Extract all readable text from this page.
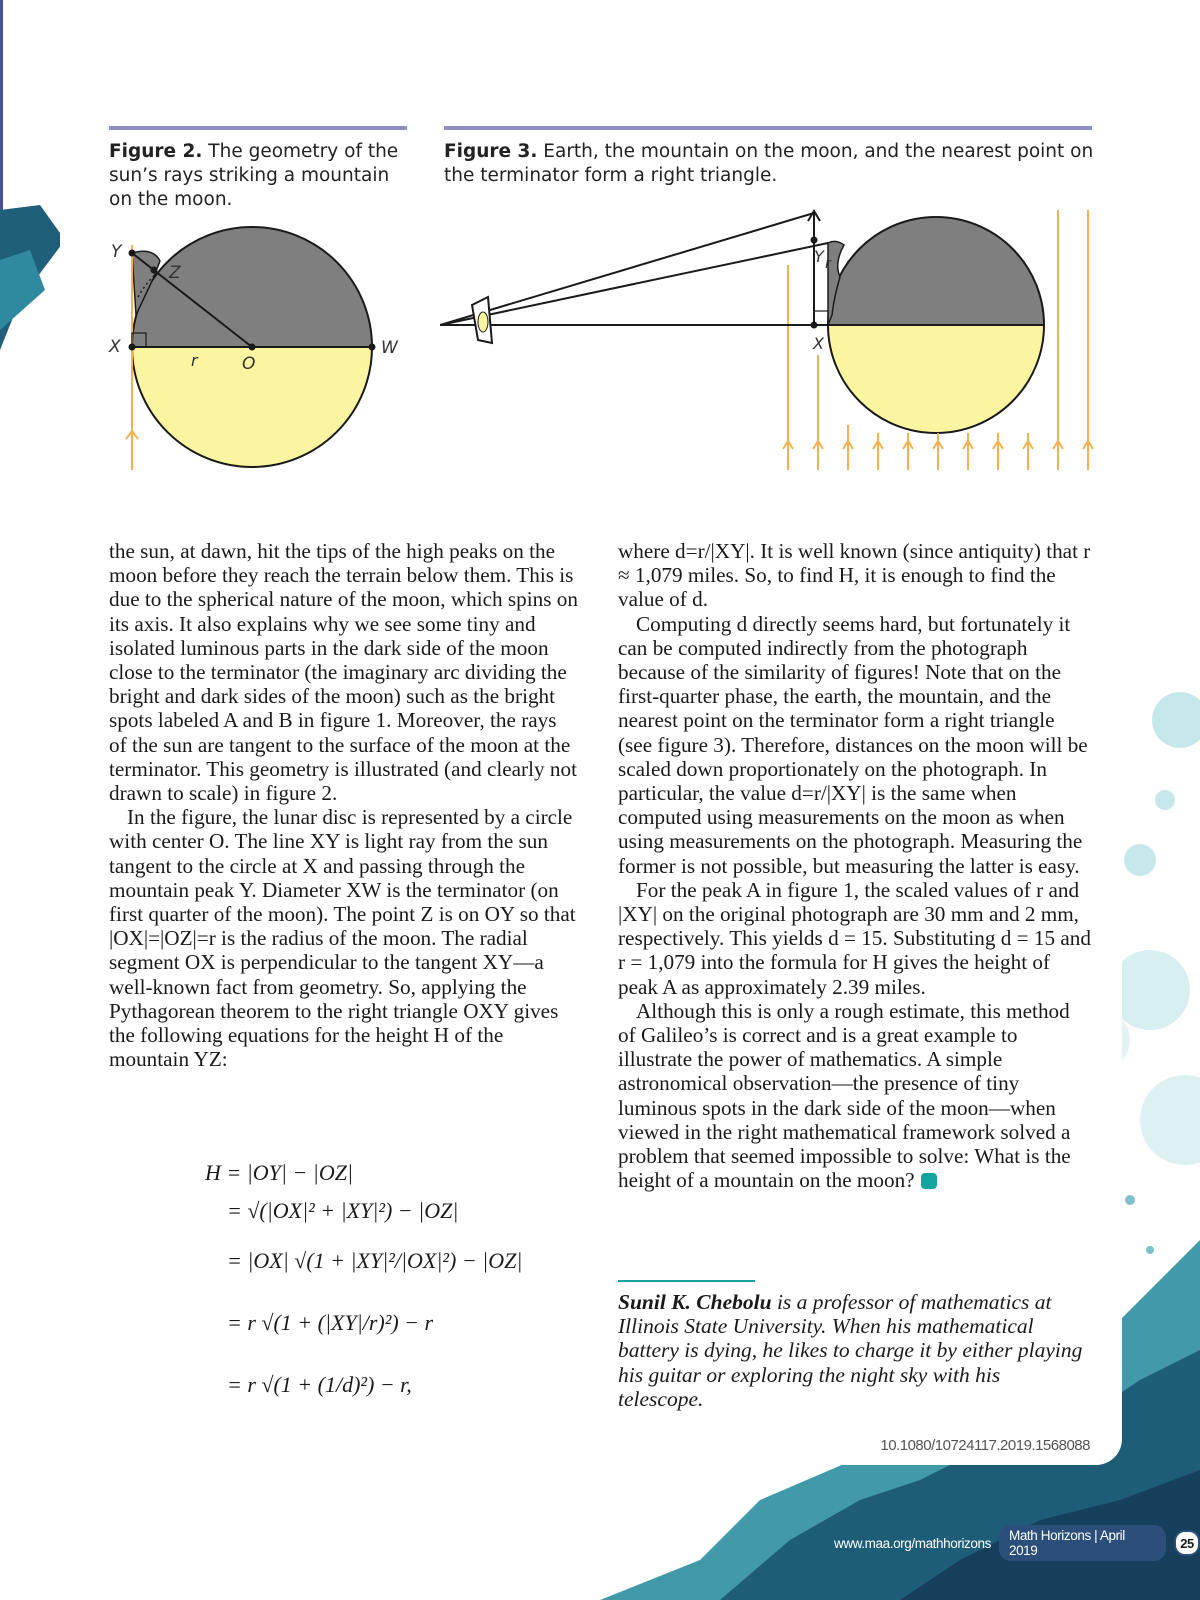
Figure 2. The geometry of the sun’s rays striking a mountain on the moon.
Figure 3. Earth, the mountain on the moon, and the nearest point on the terminator form a right triangle.
Y
Z
X
r	O
W
Y r
X

the sun, at dawn, hit the tips of the high peaks on the moon before they reach the terrain below them. This is due to the spherical nature of the moon, which spins on its axis. It also explains why we see some tiny and isolated luminous parts in the dark side of the moon close to the terminator (the imaginary arc dividing the bright and dark sides of the moon) such as the bright spots labeled A and B in figure 1. Moreover, the rays of the sun are tangent to the surface of the moon at the terminator. This geometry is illustrated (and clearly not drawn to scale) in figure 2.

In the figure, the lunar disc is represented by a circle with center O. The line XY is light ray from the sun tangent to the circle at X and passing through the mountain peak Y. Diameter XW is the terminator (on first quarter of the moon). The point Z is on OY so that |OX|=|OZ|=r is the radius of the moon. The radial segment OX is perpendicular to the tangent XY—a well-known fact from geometry. So, applying the Pythagorean theorem to the right triangle OXY gives the following equations for the height H of the mountain YZ:

H = |OY| − |OZ|
= √(|OX|² + |XY|²) − |OZ|
= |OX| √(1 + |XY|²/|OX|²) − |OZ|
= r √(1 + (|XY|/r)²) − r
= r √(1 + (1/d)²) − r,

where d=r/|XY|. It is well known (since antiquity) that r ≈ 1,079 miles. So, to find H, it is enough to find the value of d.

Computing d directly seems hard, but fortunately it can be computed indirectly from the photograph because of the similarity of figures! Note that on the first-quarter phase, the earth, the mountain, and the nearest point on the terminator form a right triangle (see figure 3). Therefore, distances on the moon will be scaled down proportionately on the photograph. In particular, the value d=r/|XY| is the same when computed using measurements on the moon as when using measurements on the photograph. Measuring the former is not possible, but measuring the latter is easy.

For the peak A in figure 1, the scaled values of r and |XY| on the original photograph are 30 mm and 2 mm, respectively. This yields d = 15. Substituting d = 15 and r = 1,079 into the formula for H gives the height of peak A as approximately 2.39 miles.

Although this is only a rough estimate, this method of Galileo’s is correct and is a great example to illustrate the power of mathematics. A simple astronomical observation—the presence of tiny luminous spots in the dark side of the moon—when viewed in the right mathematical framework solved a problem that seemed impossible to solve: What is the height of a mountain on the moon?

Sunil K. Chebolu is a professor of mathematics at Illinois State University. When his mathematical battery is dying, he likes to charge it by either playing his guitar or exploring the night sky with his telescope.
10.1080/10724117.2019.1568088
www.maa.org/mathhorizons	Math Horizons | April 2019	25
